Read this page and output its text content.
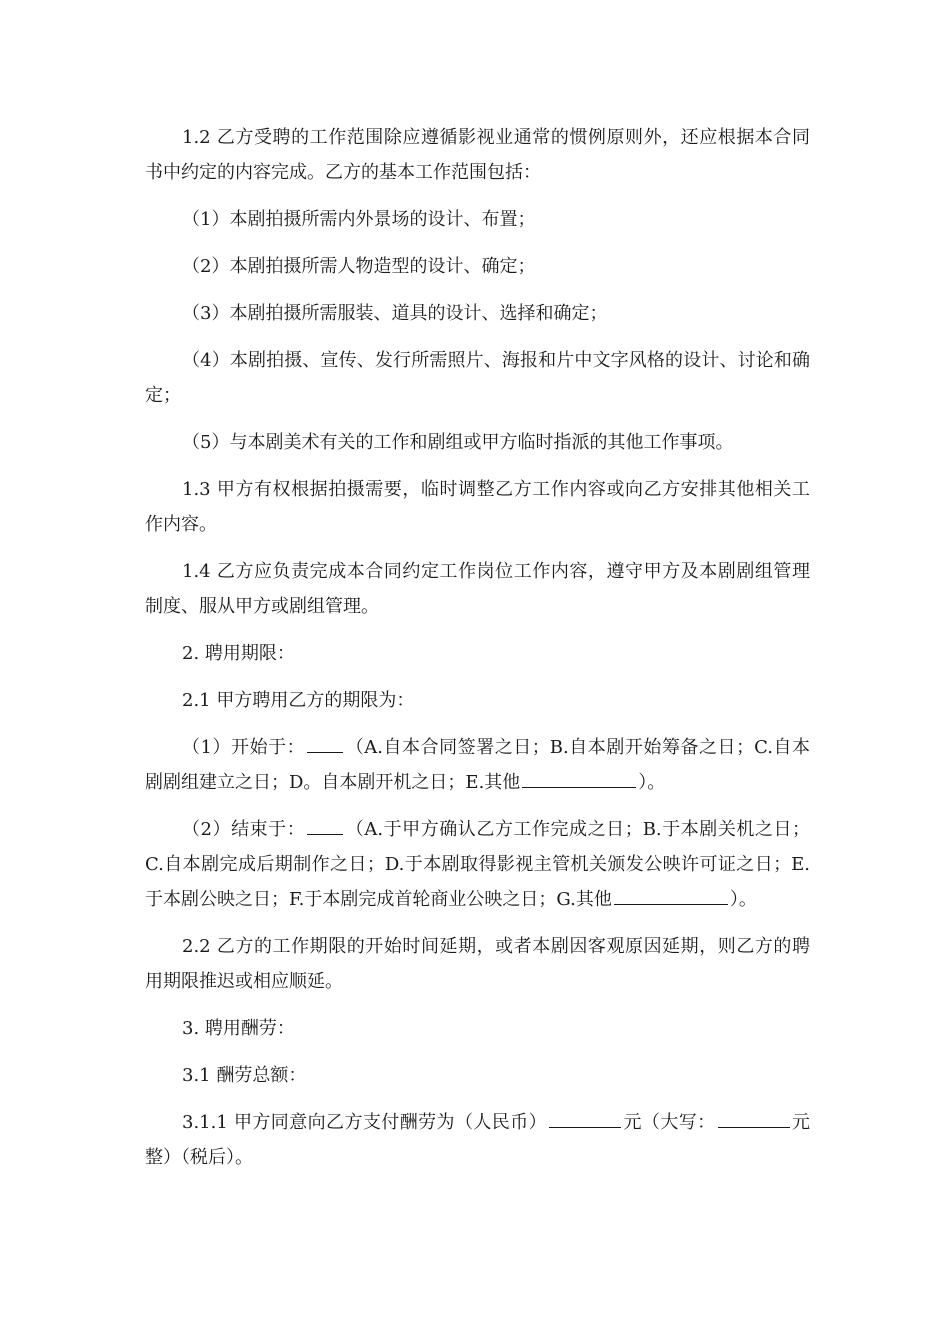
1.2 乙方受聘的工作范围除应遵循影视业通常的惯例原则外，还应根据本合同书中约定的内容完成。乙方的基本工作范围包括：

（1）本剧拍摄所需内外景场的设计、布置；

（2）本剧拍摄所需人物造型的设计、确定；

（3）本剧拍摄所需服装、道具的设计、选择和确定；

（4）本剧拍摄、宣传、发行所需照片、海报和片中文字风格的设计、讨论和确定；

（5）与本剧美术有关的工作和剧组或甲方临时指派的其他工作事项。

1.3 甲方有权根据拍摄需要，临时调整乙方工作内容或向乙方安排其他相关工作内容。

1.4 乙方应负责完成本合同约定工作岗位工作内容，遵守甲方及本剧剧组管理制度、服从甲方或剧组管理。

2. 聘用期限：

2.1 甲方聘用乙方的期限为：

（1）开始于： （A.自本合同签署之日；B.自本剧开始筹备之日；C.自本剧剧组建立之日；D。自本剧开机之日；E.其他	）。

（2）结束于： （A.于甲方确认乙方工作完成之日；B.于本剧关机之日；C.自本剧完成后期制作之日；D.于本剧取得影视主管机关颁发公映许可证之日；E.于本剧公映之日；F.于本剧完成首轮商业公映之日；G.其他	）。

2.2 乙方的工作期限的开始时间延期，或者本剧因客观原因延期，则乙方的聘用期限推迟或相应顺延。

3. 聘用酬劳：

3.1 酬劳总额：

3.1.1 甲方同意向乙方支付酬劳为（人民币）	元（大写：	元整）（税后）。
